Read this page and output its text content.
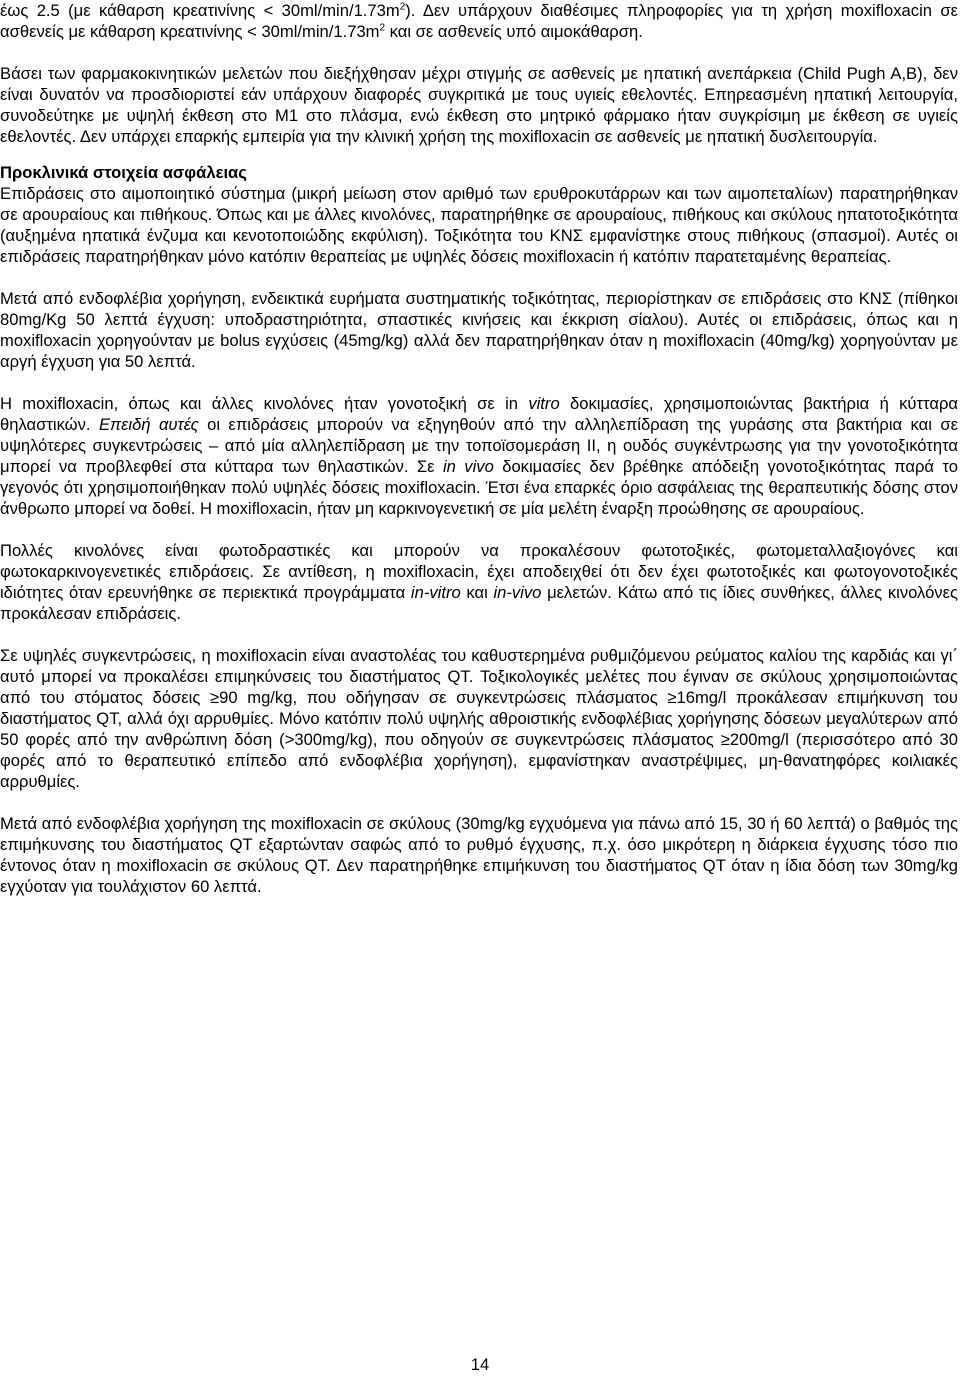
έως 2.5 (με κάθαρση $\kappa\rho\varepsilon\alpha\tau\iota\nu ί\nu\eta\varsigma < 30ml/\min/1.73m^2$). Δεν υπάρχουν διαθέσιμες πληροφορίες για τη χρήση moxifloxacin σε ασθενείς με κάθαρση $\kappa\rho\varepsilon\alpha\tau\iota\nu ί\nu\eta\varsigma < 30ml/\min/1.73m^2$ και σε ασθενείς υπό αιμοκάθαρση.

Βάσει των φαρμακοκινητικών μελετών που διεξήχθησαν μέχρι στιγμής σε ασθενείς με ηπατική ανεπάρκεια (Child Pugh A,B), δεν είναι δυνατόν να προσδιοριστεί εάν υπάρχουν διαφορές συγκριτικά με τους υγιείς εθελοντές. Επηρεασμένη ηπατική λειτουργία, συνοδεύτηκε με υψηλή έκθεση στο M1 στο πλάσμα, ενώ έκθεση στο μητρικό φάρμακο ήταν συγκρίσιμη με έκθεση σε υγιείς εθελοντές. Δεν υπάρχει επαρκής εμπειρία για την κλινική χρήση της moxifloxacin σε ασθενείς με ηπατική δυσλειτουργία.

Προκλινικά στοιχεία ασφάλειας

Επιδράσεις στο αιμοποιητικό σύστημα (μικρή μείωση στον αριθμό των ερυθροκυτάρρων και των αιμοπεταλίων) παρατηρήθηκαν σε αρουραίους και πιθήκους. Όπως και με άλλες κινολόνες, παρατηρήθηκε σε αρουραίους, πιθήκους και σκύλους ηπατοτοξικότητα (αυξημένα ηπατικά ένζυμα και κενοτοποιώδης εκφύλιση). Τοξικότητα του ΚΝΣ εμφανίστηκε στους πιθήκους (σπασμοί). Αυτές οι επιδράσεις παρατηρήθηκαν μόνο κατόπιν θεραπείας με υψηλές δόσεις moxifloxacin ή κατόπιν παρατεταμένης θεραπείας.

Μετά από ενδοφλέβια χορήγηση, ενδεικτικά ευρήματα συστηματικής τοξικότητας, περιορίστηκαν σε επιδράσεις στο ΚΝΣ (πίθηκοι 80mg/Kg 50 λεπτά έγχυση: υποδραστηριότητα, σπαστικές κινήσεις και έκκριση σίαλου). Αυτές οι επιδράσεις, όπως και η moxifloxacin χορηγούνταν με bolus εγχύσεις (45mg/kg) αλλά δεν παρατηρήθηκαν όταν η moxifloxacin (40mg/kg) χορηγούνταν με αργή έγχυση για 50 λεπτά.

Η moxifloxacin, όπως και άλλες κινολόνες ήταν γονοτοξική σε in vitro δοκιμασίες, χρησιμοποιώντας βακτήρια ή κύτταρα θηλαστικών. Επειδή αυτές οι επιδράσεις μπορούν να εξηγηθούν από την αλληλεπίδραση της γυράσης στα βακτήρια και σε υψηλότερες συγκεντρώσεις – από μία αλληλεπίδραση με την τοποϊσομεράση ΙΙ, η ουδός συγκέντρωσης για την γονοτοξικότητα μπορεί να προβλεφθεί στα κύτταρα των θηλαστικών. Σε in vivo δοκιμασίες δεν βρέθηκε απόδειξη γονοτοξικότητας παρά το γεγονός ότι χρησιμοποιήθηκαν πολύ υψηλές δόσεις moxifloxacin. Έτσι ένα επαρκές όριο ασφάλειας της θεραπευτικής δόσης στον άνθρωπο μπορεί να δοθεί. Η moxifloxacin, ήταν μη καρκινογενετική σε μία μελέτη έναρξη προώθησης σε αρουραίους.

Πολλές κινολόνες είναι φωτοδραστικές και μπορούν να προκαλέσουν φωτοτοξικές, φωτομεταλλαξιογόνες και φωτοκαρκινογενετικές επιδράσεις. Σε αντίθεση, η moxifloxacin, έχει αποδειχθεί ότι δεν έχει φωτοτοξικές και φωτογονοτοξικές ιδιότητες όταν ερευνήθηκε σε περιεκτικά προγράμματα in-vitro και in-vivo μελετών. Κάτω από τις ίδιες συνθήκες, άλλες κινολόνες προκάλεσαν επιδράσεις.

Σε υψηλές συγκεντρώσεις, η moxifloxacin είναι αναστολέας του καθυστερημένα ρυθμιζόμενου ρεύματος καλίου της καρδιάς και γι΄ αυτό μπορεί να προκαλέσει επιμηκύνσεις του διαστήματος QT. Τοξικολογικές μελέτες που έγιναν σε σκύλους χρησιμοποιώντας από του στόματος δόσεις ≥90 mg/kg, που οδήγησαν σε συγκεντρώσεις πλάσματος ≥16mg/l προκάλεσαν επιμήκυνση του διαστήματος QT, αλλά όχι αρρυθμίες. Μόνο κατόπιν πολύ υψηλής αθροιστικής ενδοφλέβιας χορήγησης δόσεων μεγαλύτερων από 50 φορές από την ανθρώπινη δόση (>300mg/kg), που οδηγούν σε συγκεντρώσεις πλάσματος ≥200mg/l (περισσότερο από 30 φορές από το θεραπευτικό επίπεδο από ενδοφλέβια χορήγηση), εμφανίστηκαν αναστρέψιμες, μη-θανατηφόρες κοιλιακές αρρυθμίες.

Μετά από ενδοφλέβια χορήγηση της moxifloxacin σε σκύλους (30mg/kg εγχυόμενα για πάνω από 15, 30 ή 60 λεπτά) ο βαθμός της επιμήκυνσης του διαστήματος QT εξαρτώνταν σαφώς από το ρυθμό έγχυσης, π.χ. όσο μικρότερη η διάρκεια έγχυσης τόσο πιο έντονος όταν η moxifloxacin σε σκύλους QT. Δεν παρατηρήθηκε επιμήκυνση του διαστήματος QT όταν η ίδια δόση των 30mg/kg εγχύοταν για τουλάχιστον 60 λεπτά.

14
